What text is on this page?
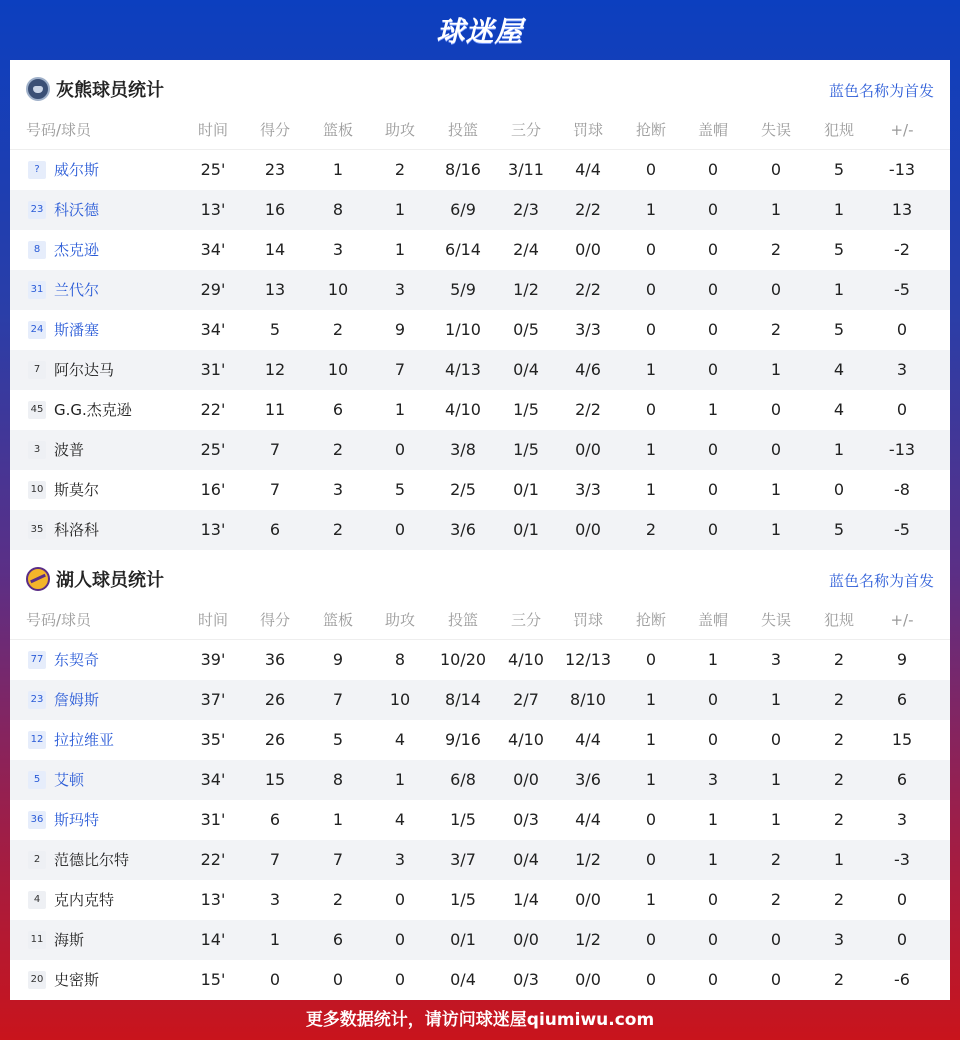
球迷屋
灰熊球员统计	蓝色名称为首发
号码/球员	时间	得分	篮板	助攻	投篮	三分	罚球	抢断	盖帽	失误	犯规	+/-
? 威尔斯	25'	23	1	2	8/16	3/11	4/4	0	0	0	5	-13
23 科沃德	13'	16	8	1	6/9	2/3	2/2	1	0	1	1	13
8 杰克逊	34'	14	3	1	6/14	2/4	0/0	0	0	2	5	-2
31 兰代尔	29'	13	10	3	5/9	1/2	2/2	0	0	0	1	-5
24 斯潘塞	34'	5	2	9	1/10	0/5	3/3	0	0	2	5	0
7 阿尔达马	31'	12	10	7	4/13	0/4	4/6	1	0	1	4	3
45 G.G.杰克逊	22'	11	6	1	4/10	1/5	2/2	0	1	0	4	0
3 波普	25'	7	2	0	3/8	1/5	0/0	1	0	0	1	-13
10 斯莫尔	16'	7	3	5	2/5	0/1	3/3	1	0	1	0	-8
35 科洛科	13'	6	2	0	3/6	0/1	0/0	2	0	1	5	-5
湖人球员统计	蓝色名称为首发
号码/球员	时间	得分	篮板	助攻	投篮	三分	罚球	抢断	盖帽	失误	犯规	+/-
77 东契奇	39'	36	9	8	10/20	4/10	12/13	0	1	3	2	9
23 詹姆斯	37'	26	7	10	8/14	2/7	8/10	1	0	1	2	6
12 拉拉维亚	35'	26	5	4	9/16	4/10	4/4	1	0	0	2	15
5 艾顿	34'	15	8	1	6/8	0/0	3/6	1	3	1	2	6
36 斯玛特	31'	6	1	4	1/5	0/3	4/4	0	1	1	2	3
2 范德比尔特	22'	7	7	3	3/7	0/4	1/2	0	1	2	1	-3
4 克内克特	13'	3	2	0	1/5	1/4	0/0	1	0	2	2	0
11 海斯	14'	1	6	0	0/1	0/0	1/2	0	0	0	3	0
20 史密斯	15'	0	0	0	0/4	0/3	0/0	0	0	0	2	-6
更多数据统计，请访问球迷屋qiumiwu.com
